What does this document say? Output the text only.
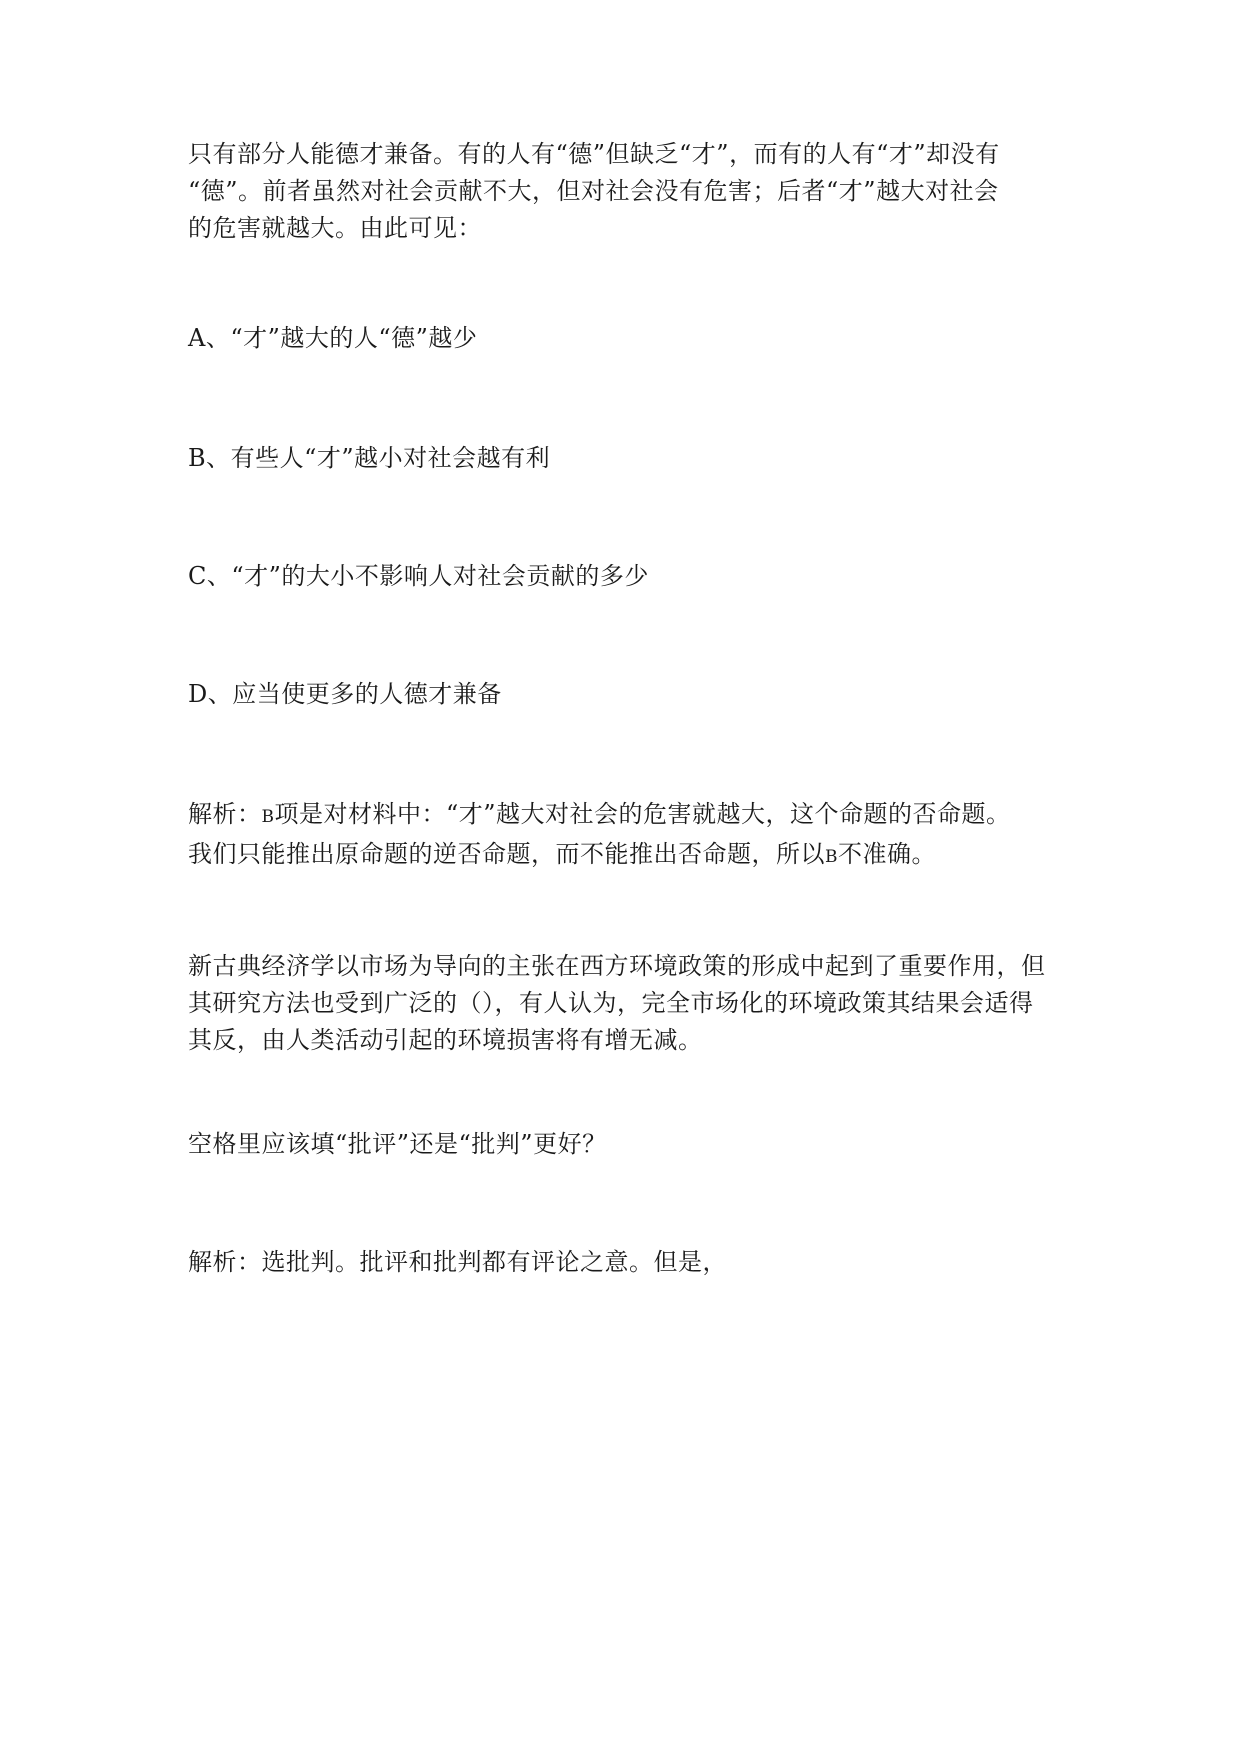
只有部分人能德才兼备。有的人有“德”但缺乏“才”，而有的人有“才”却没有
“德”。前者虽然对社会贡献不大，但对社会没有危害；后者“才”越大对社会
的危害就越大。由此可见：

A、“才”越大的人“德”越少

B、有些人“才”越小对社会越有利

C、“才”的大小不影响人对社会贡献的多少

D、应当使更多的人德才兼备

解析：B项是对材料中：“才”越大对社会的危害就越大，这个命题的否命题。
我们只能推出原命题的逆否命题，而不能推出否命题，所以B不准确。
新古典经济学以市场为导向的主张在西方环境政策的形成中起到了重要作用，但
其研究方法也受到广泛的（），有人认为，完全市场化的环境政策其结果会适得
其反，由人类活动引起的环境损害将有增无减。

空格里应该填“批评”还是“批判”更好？

解析：选批判。批评和批判都有评论之意。但是，
